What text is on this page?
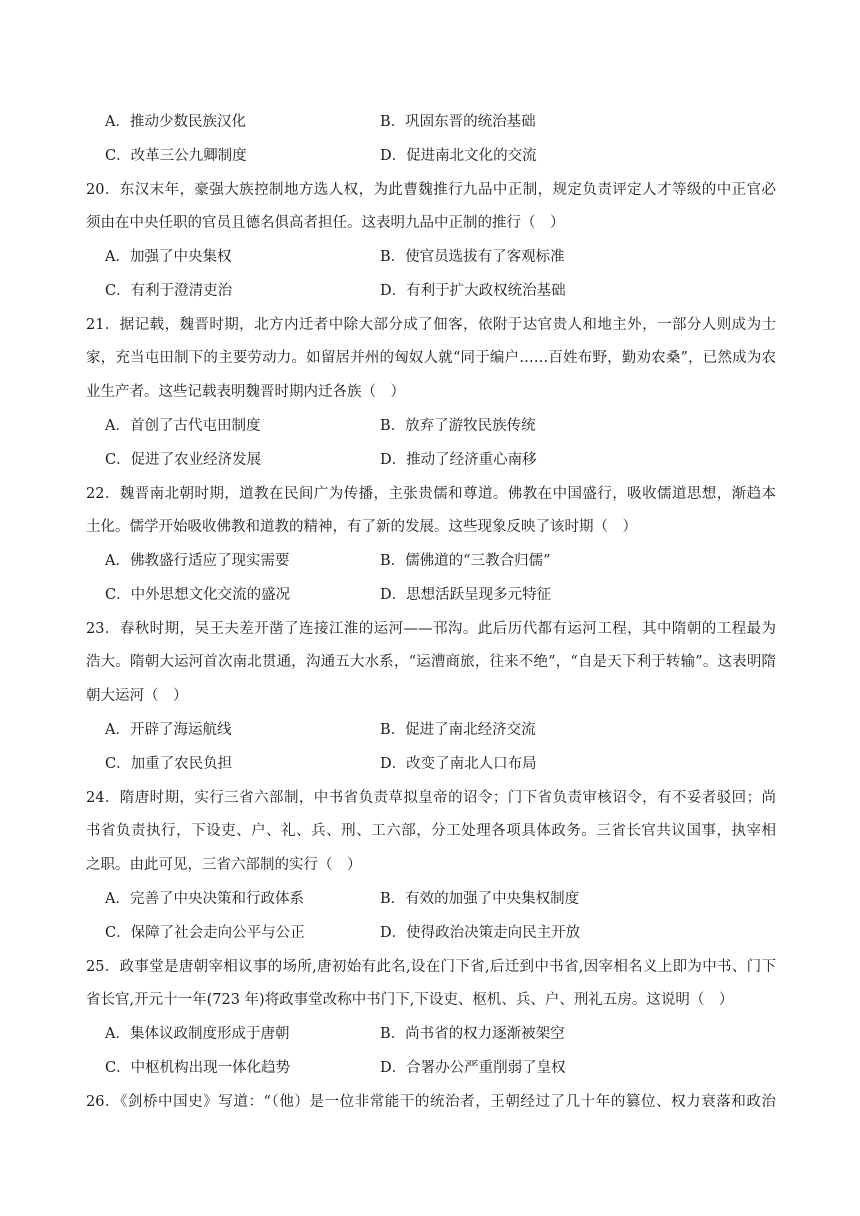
A．推动少数民族汉化	B．巩固东晋的统治基础
C．改革三公九卿制度	D．促进南北文化的交流
20．东汉末年，豪强大族控制地方选人权，为此曹魏推行九品中正制，规定负责评定人才等级的中正官必
须由在中央任职的官员且德名俱高者担任。这表明九品中正制的推行（　）
A．加强了中央集权	B．使官员选拔有了客观标准
C．有利于澄清吏治	D．有利于扩大政权统治基础
21．据记载，魏晋时期，北方内迁者中除大部分成了佃客，依附于达官贵人和地主外，一部分人则成为士
家，充当屯田制下的主要劳动力。如留居并州的匈奴人就“同于编户……百姓布野，勤劝农桑”，已然成为农
业生产者。这些记载表明魏晋时期内迁各族（　）
A．首创了古代屯田制度	B．放弃了游牧民族传统
C．促进了农业经济发展	D．推动了经济重心南移
22．魏晋南北朝时期，道教在民间广为传播，主张贵儒和尊道。佛教在中国盛行，吸收儒道思想，渐趋本
土化。儒学开始吸收佛教和道教的精神，有了新的发展。这些现象反映了该时期（　）
A．佛教盛行适应了现实需要	B．儒佛道的“三教合归儒”
C．中外思想文化交流的盛况	D．思想活跃呈现多元特征
23．春秋时期，吴王夫差开凿了连接江淮的运河——邗沟。此后历代都有运河工程，其中隋朝的工程最为
浩大。隋朝大运河首次南北贯通，沟通五大水系，“运漕商旅，往来不绝”，“自是天下利于转输”。这表明隋
朝大运河（　）
A．开辟了海运航线	B．促进了南北经济交流
C．加重了农民负担	D．改变了南北人口布局
24．隋唐时期，实行三省六部制，中书省负责草拟皇帝的诏令；门下省负责审核诏令，有不妥者驳回；尚
书省负责执行，下设吏、户、礼、兵、刑、工六部，分工处理各项具体政务。三省长官共议国事，执宰相
之职。由此可见，三省六部制的实行（　）
A．完善了中央决策和行政体系	B．有效的加强了中央集权制度
C．保障了社会走向公平与公正	D．使得政治决策走向民主开放
25．政事堂是唐朝宰相议事的场所,唐初始有此名,设在门下省,后迁到中书省,因宰相名义上即为中书、门下
省长官,开元十一年(723 年)将政事堂改称中书门下,下设吏、枢机、兵、户、刑礼五房。这说明（　）
A．集体议政制度形成于唐朝	B．尚书省的权力逐渐被架空
C．中枢机构出现一体化趋势	D．合署办公严重削弱了皇权
26．《剑桥中国史》写道：“（他）是一位非常能干的统治者，王朝经过了几十年的篡位、权力衰落和政治
